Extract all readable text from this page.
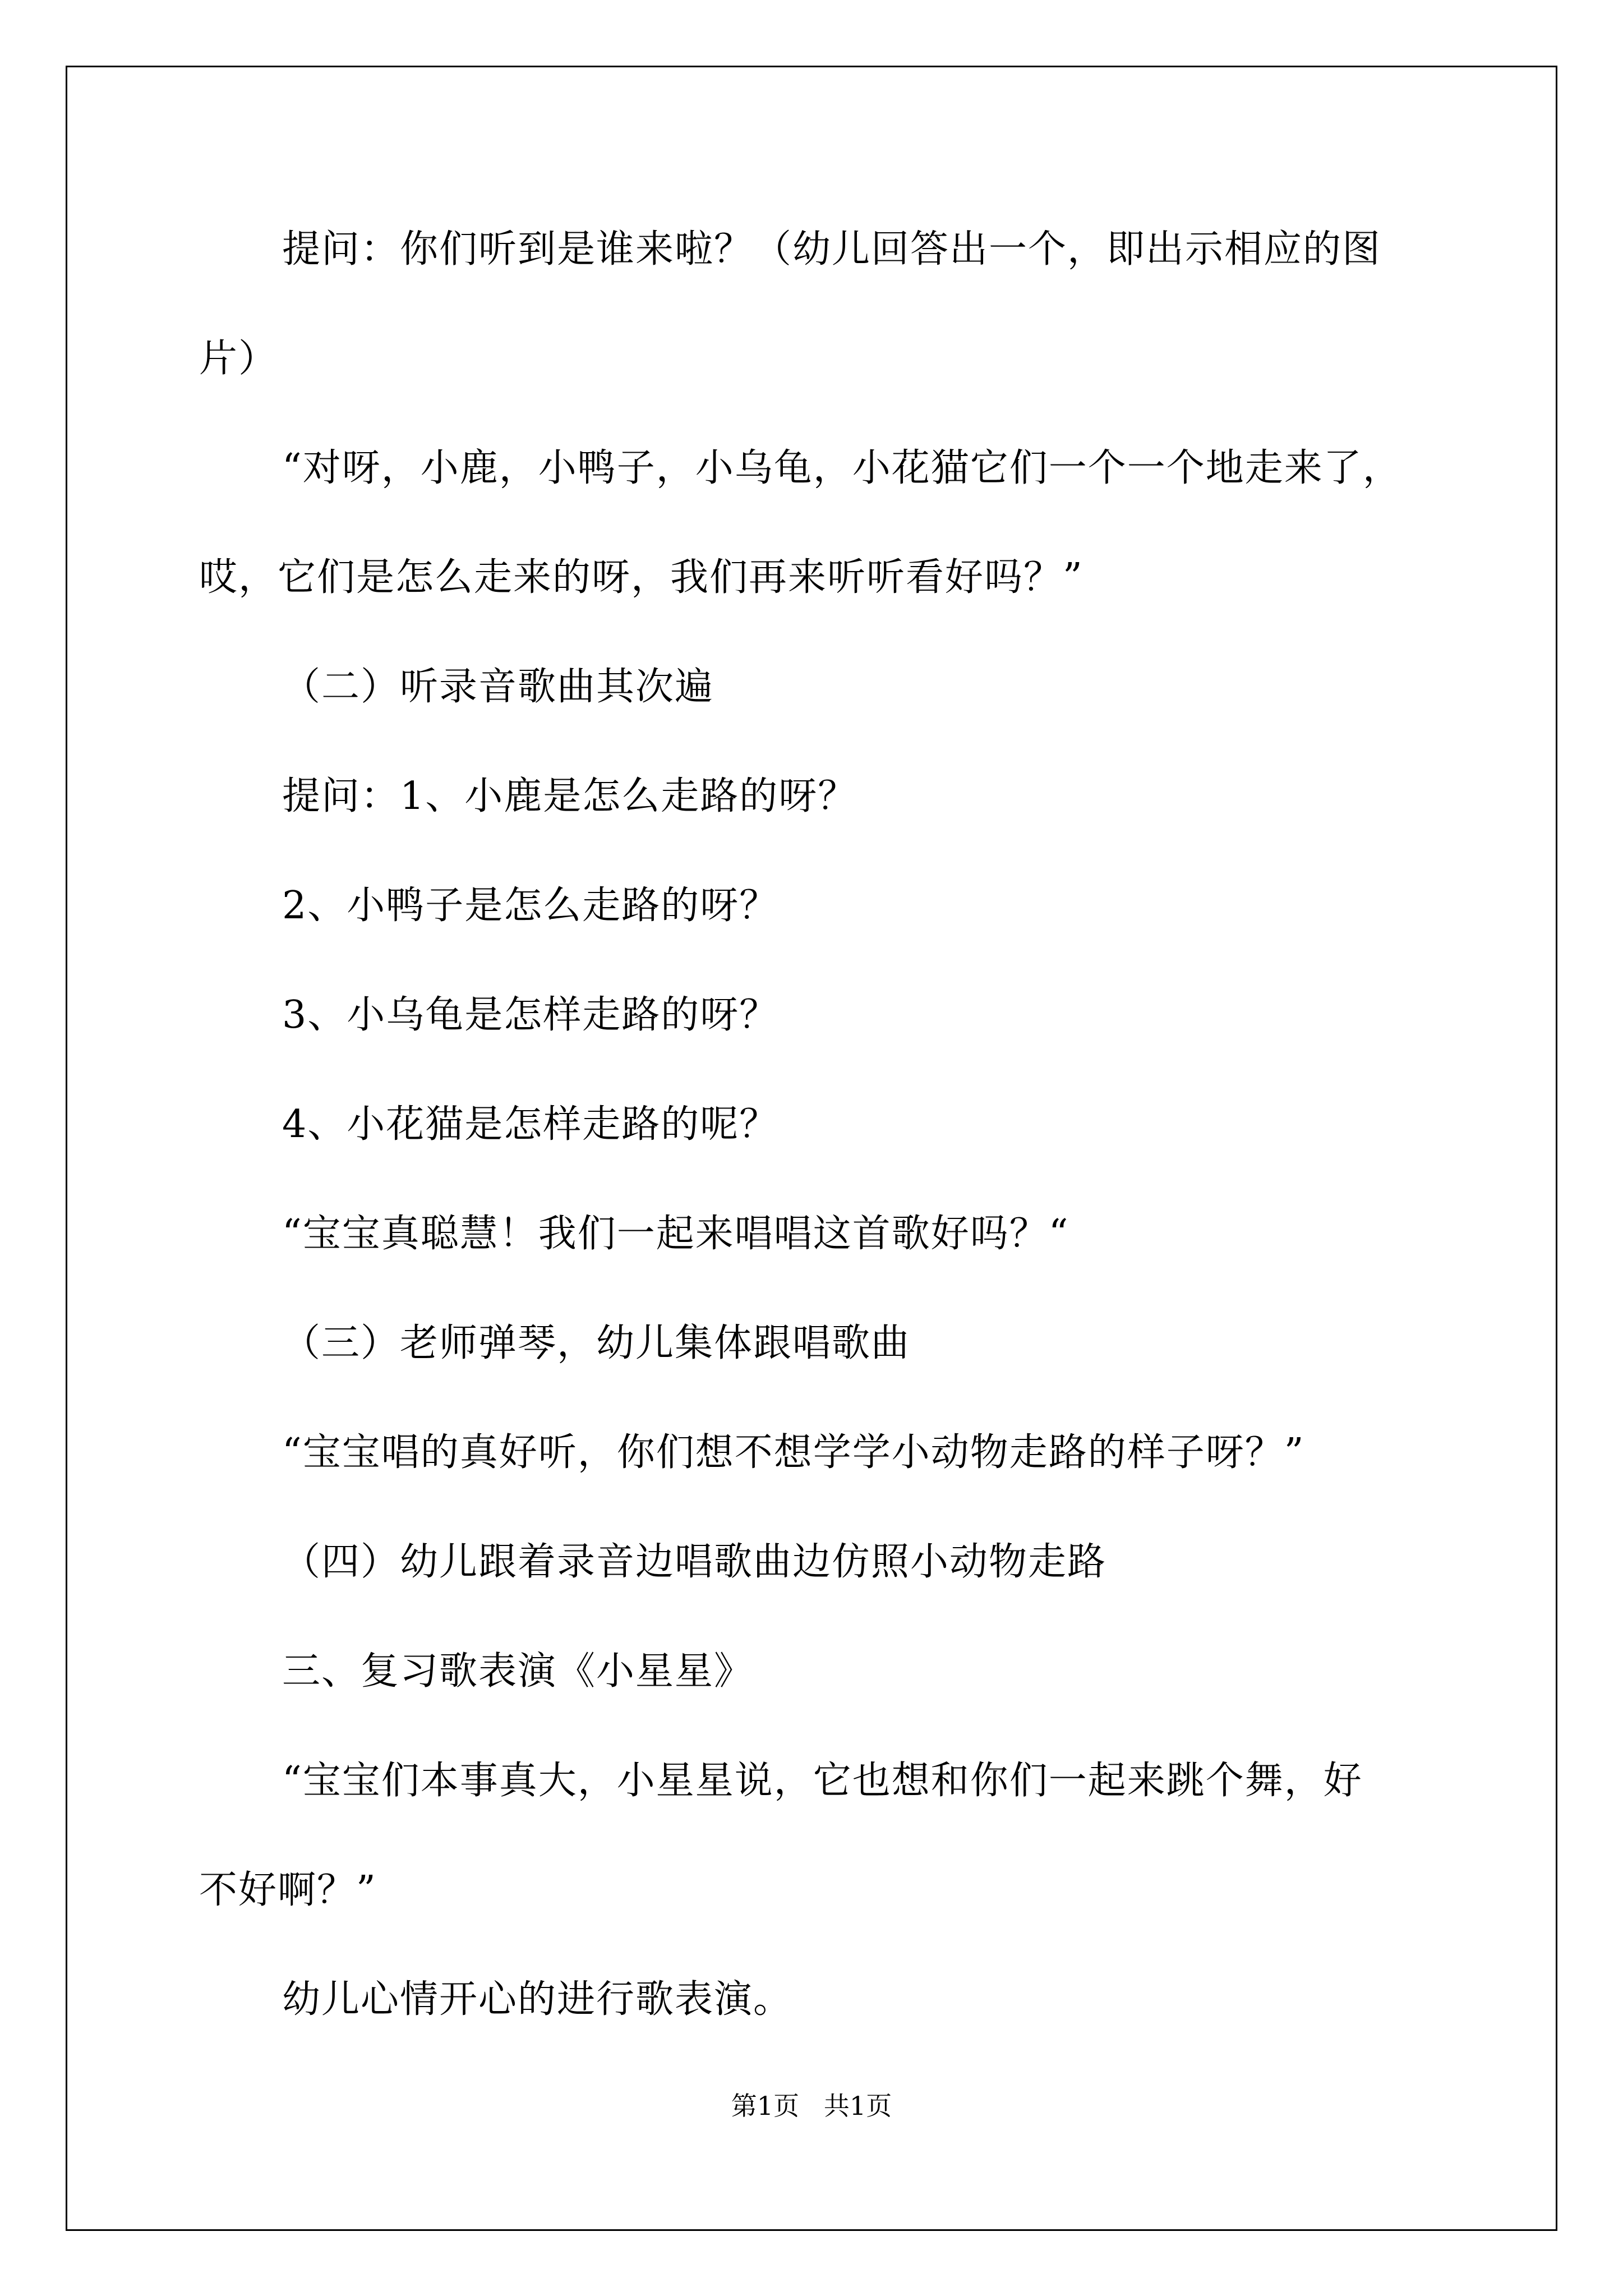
提问：你们听到是谁来啦？（幼儿回答出一个，即出示相应的图
片）
“对呀，小鹿，小鸭子，小乌龟，小花猫它们一个一个地走来了，
哎，它们是怎么走来的呀，我们再来听听看好吗？”
（二）听录音歌曲其次遍
提问：1、小鹿是怎么走路的呀？
2、小鸭子是怎么走路的呀？
3、小乌龟是怎样走路的呀？
4、小花猫是怎样走路的呢？
“宝宝真聪慧！我们一起来唱唱这首歌好吗？“
（三）老师弹琴，幼儿集体跟唱歌曲
“宝宝唱的真好听，你们想不想学学小动物走路的样子呀？”
（四）幼儿跟着录音边唱歌曲边仿照小动物走路
三、复习歌表演《小星星》
“宝宝们本事真大，小星星说，它也想和你们一起来跳个舞，好
不好啊？”
幼儿心情开心的进行歌表演。
第1页   共1页
